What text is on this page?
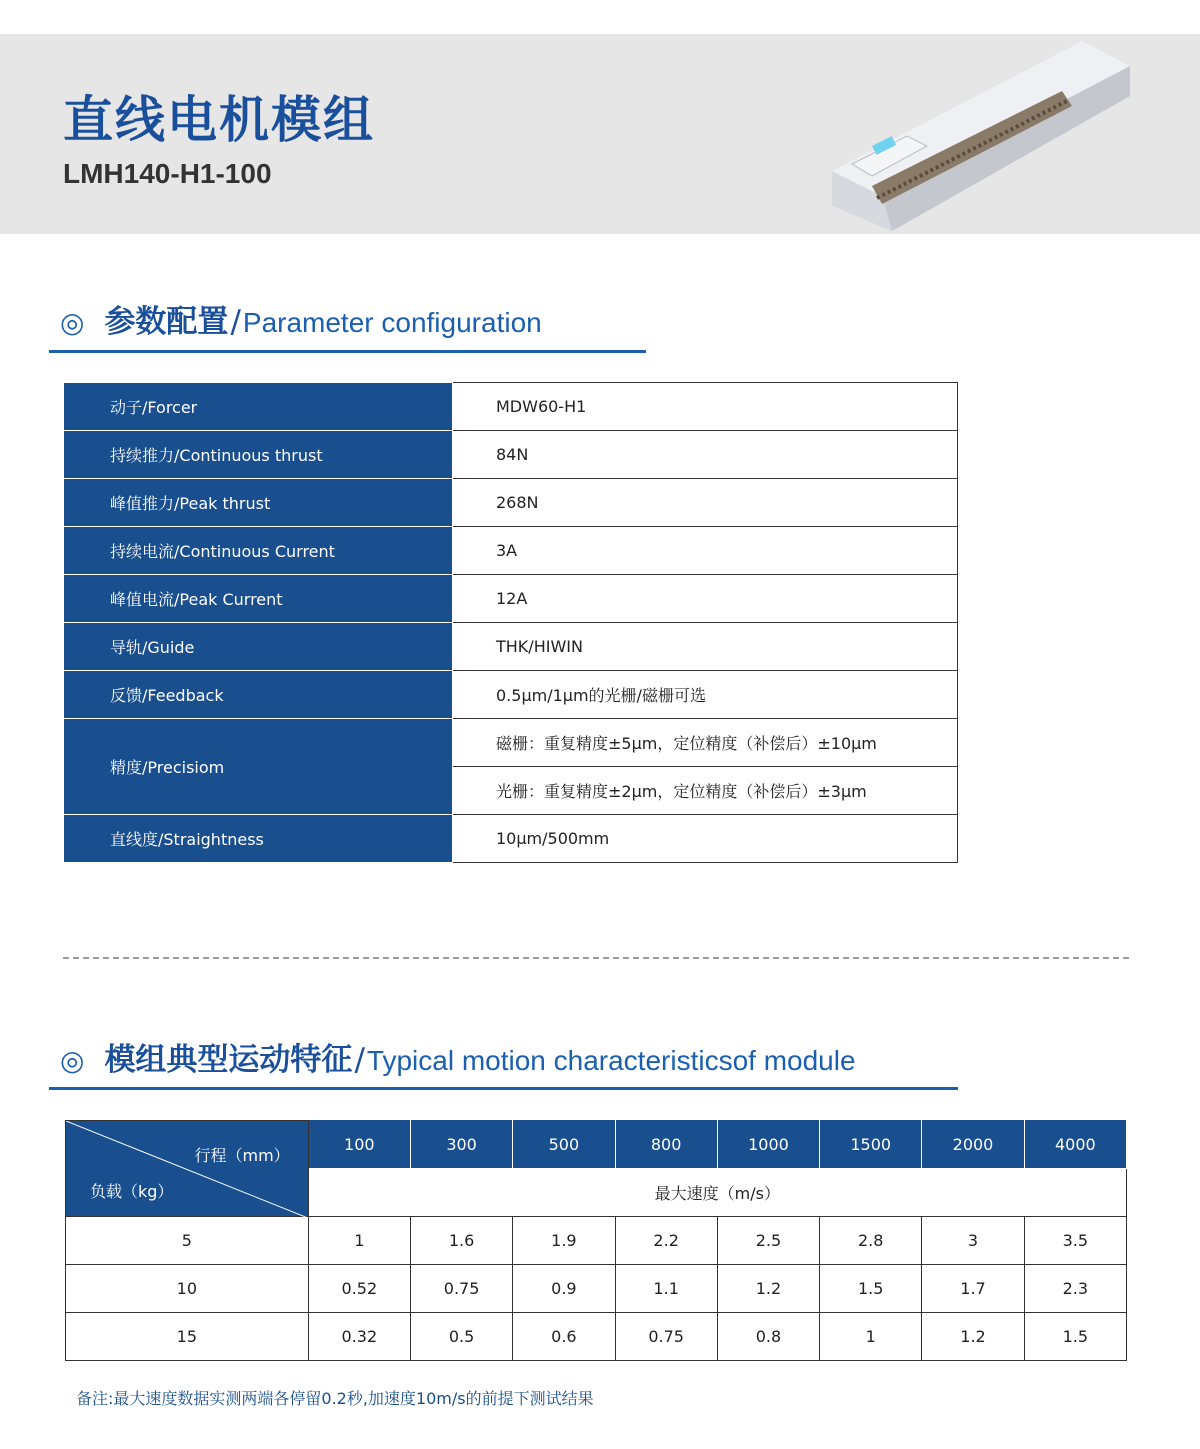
直线电机模组
LMH140-H1-100
◎ 参数配置 / Parameter configuration
动子/Forcer	MDW60-H1
持续推力/Continuous thrust	84N
峰值推力/Peak thrust	268N
持续电流/Continuous Current	3A
峰值电流/Peak Current	12A
导轨/Guide	THK/HIWIN
反馈/Feedback	0.5μm/1μm的光栅/磁栅可选
精度/Precisiom	磁栅：重复精度±5μm，定位精度（补偿后）±10μm
	光栅：重复精度±2μm，定位精度（补偿后）±3μm
直线度/Straightness	10μm/500mm
◎ 模组典型运动特征 / Typical motion characteristicsof module
行程（mm）
负载（kg）	100	300	500	800	1000	1500	2000	4000
	最大速度（m/s）							
5	1	1.6	1.9	2.2	2.5	2.8	3	3.5
10	0.52	0.75	0.9	1.1	1.2	1.5	1.7	2.3
15	0.32	0.5	0.6	0.75	0.8	1	1.2	1.5
备注:最大速度数据实测两端各停留0.2秒,加速度10m/s的前提下测试结果
